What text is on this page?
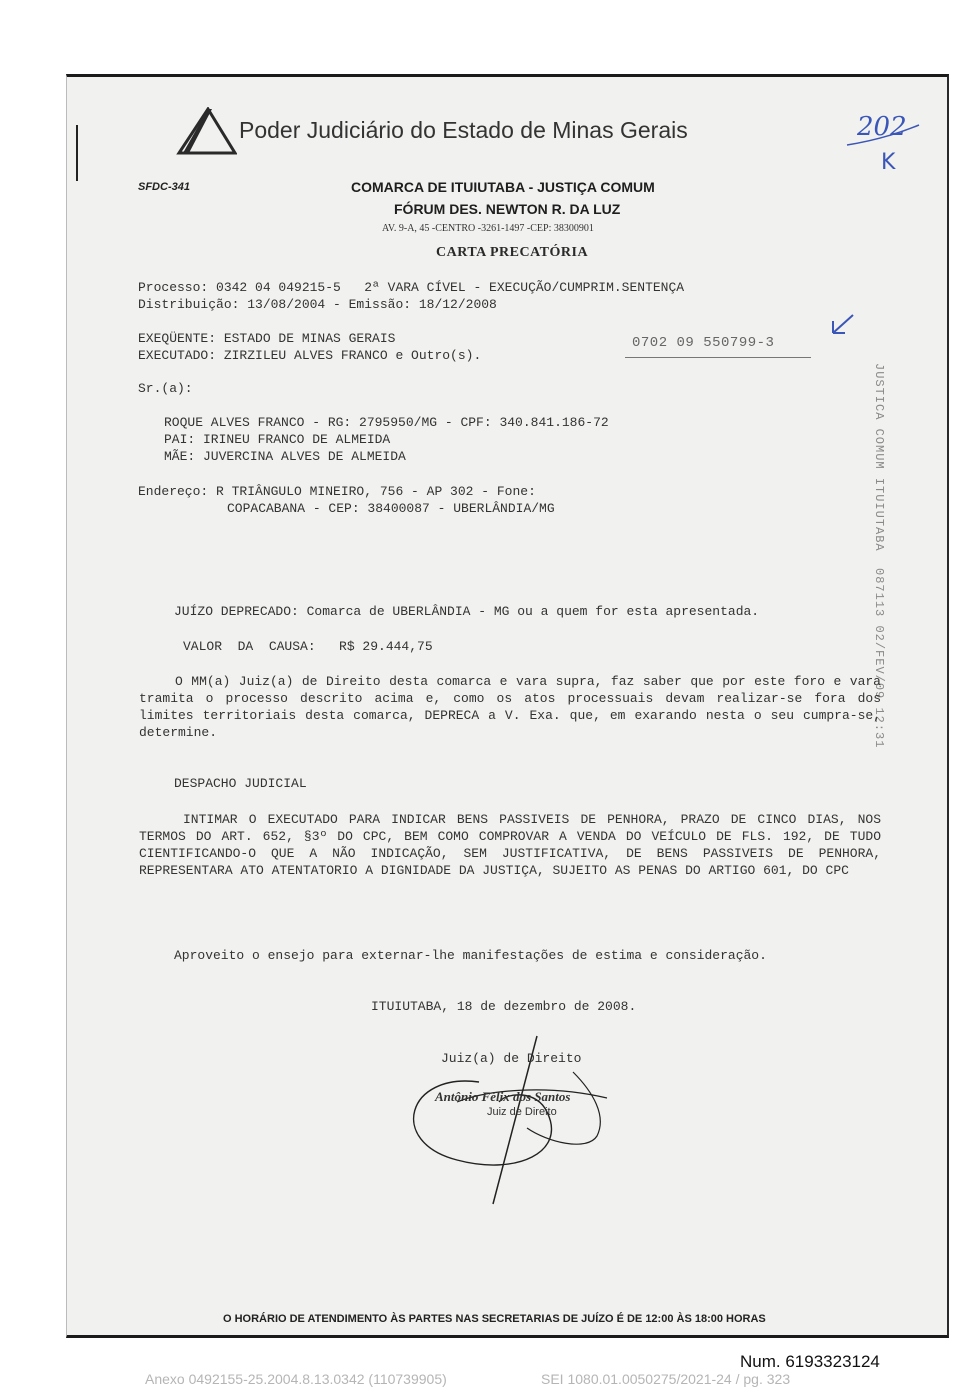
Poder Judiciário do Estado de Minas Gerais	202
K
SFDC-341	COMARCA DE ITUIUTABA - JUSTIÇA COMUM
FÓRUM DES. NEWTON R. DA LUZ
AV. 9-A, 45 -CENTRO -3261-1497 -CEP: 38300901
CARTA PRECATÓRIA
Processo: 0342 04 049215-5   2ª VARA CÍVEL - EXECUÇÃO/CUMPRIM.SENTENÇA
Distribuição: 13/08/2004 - Emissão: 18/12/2008
EXEQÜENTE: ESTADO DE MINAS GERAIS
EXECUTADO: ZIRZILEU ALVES FRANCO e Outro(s).
0702 09 550799-3
JUSTICA COMUM ITUIUTABA  087113 02/FEV/09 12:31
Sr.(a):
ROQUE ALVES FRANCO - RG: 2795950/MG - CPF: 340.841.186-72
PAI: IRINEU FRANCO DE ALMEIDA
MÃE: JUVERCINA ALVES DE ALMEIDA
Endereço: R TRIÂNGULO MINEIRO, 756 - AP 302 - Fone:
COPACABANA - CEP: 38400087 - UBERLÂNDIA/MG
JUÍZO DEPRECADO: Comarca de UBERLÂNDIA - MG ou a quem for esta apresentada.
VALOR  DA  CAUSA:   R$ 29.444,75
O MM(a) Juiz(a) de Direito desta comarca e vara supra, faz saber que por este foro e vara tramita o processo descrito acima e, como os atos processuais devam realizar-se fora dos limites territoriais desta comarca, DEPRECA a V. Exa. que, em exarando nesta o seu cumpra-se, determine.
DESPACHO JUDICIAL
INTIMAR O EXECUTADO PARA INDICAR BENS PASSIVEIS DE PENHORA, PRAZO DE CINCO DIAS, NOS TERMOS DO ART. 652, §3º DO CPC, BEM COMO COMPROVAR A VENDA DO VEÍCULO DE FLS. 192, DE TUDO CIENTIFICANDO-O QUE A NÃO INDICAÇÃO, SEM JUSTIFICATIVA, DE BENS PASSIVEIS DE PENHORA, REPRESENTARA ATO ATENTATORIO A DIGNIDADE DA JUSTIÇA, SUJEITO AS PENAS DO ARTIGO 601, DO CPC
Aproveito o ensejo para externar-lhe manifestações de estima e consideração.
ITUIUTABA, 18 de dezembro de 2008.
Juiz(a) de Direito
Antônio Félix dos Santos
Juiz de Direito
O HORÁRIO DE ATENDIMENTO ÀS PARTES NAS SECRETARIAS DE JUÍZO É DE 12:00 ÀS 18:00 HORAS
Num. 6193323124
Anexo 0492155-25.2004.8.13.0342 (110739905)	SEI 1080.01.0050275/2021-24 / pg. 323
